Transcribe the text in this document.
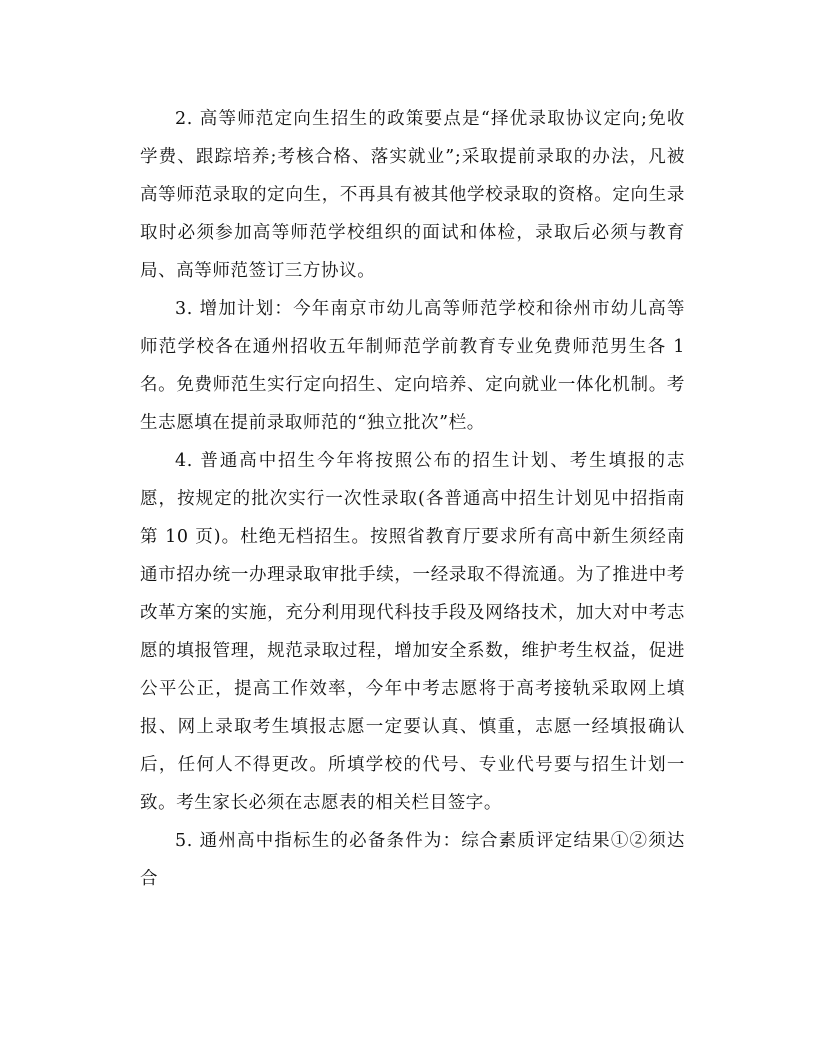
2. 高等师范定向生招生的政策要点是“择优录取协议定向;免收学费、跟踪培养;考核合格、落实就业”;采取提前录取的办法，凡被高等师范录取的定向生，不再具有被其他学校录取的资格。定向生录取时必须参加高等师范学校组织的面试和体检，录取后必须与教育局、高等师范签订三方协议。

3. 增加计划：今年南京市幼儿高等师范学校和徐州市幼儿高等师范学校各在通州招收五年制师范学前教育专业免费师范男生各 1 名。免费师范生实行定向招生、定向培养、定向就业一体化机制。考生志愿填在提前录取师范的“独立批次”栏。

4. 普通高中招生今年将按照公布的招生计划、考生填报的志愿，按规定的批次实行一次性录取(各普通高中招生计划见中招指南第 10 页)。杜绝无档招生。按照省教育厅要求所有高中新生须经南通市招办统一办理录取审批手续，一经录取不得流通。为了推进中考改革方案的实施，充分利用现代科技手段及网络技术，加大对中考志愿的填报管理，规范录取过程，增加安全系数，维护考生权益，促进公平公正，提高工作效率，今年中考志愿将于高考接轨采取网上填报、网上录取考生填报志愿一定要认真、慎重，志愿一经填报确认后，任何人不得更改。所填学校的代号、专业代号要与招生计划一致。考生家长必须在志愿表的相关栏目签字。

5. 通州高中指标生的必备条件为：综合素质评定结果①②须达合
